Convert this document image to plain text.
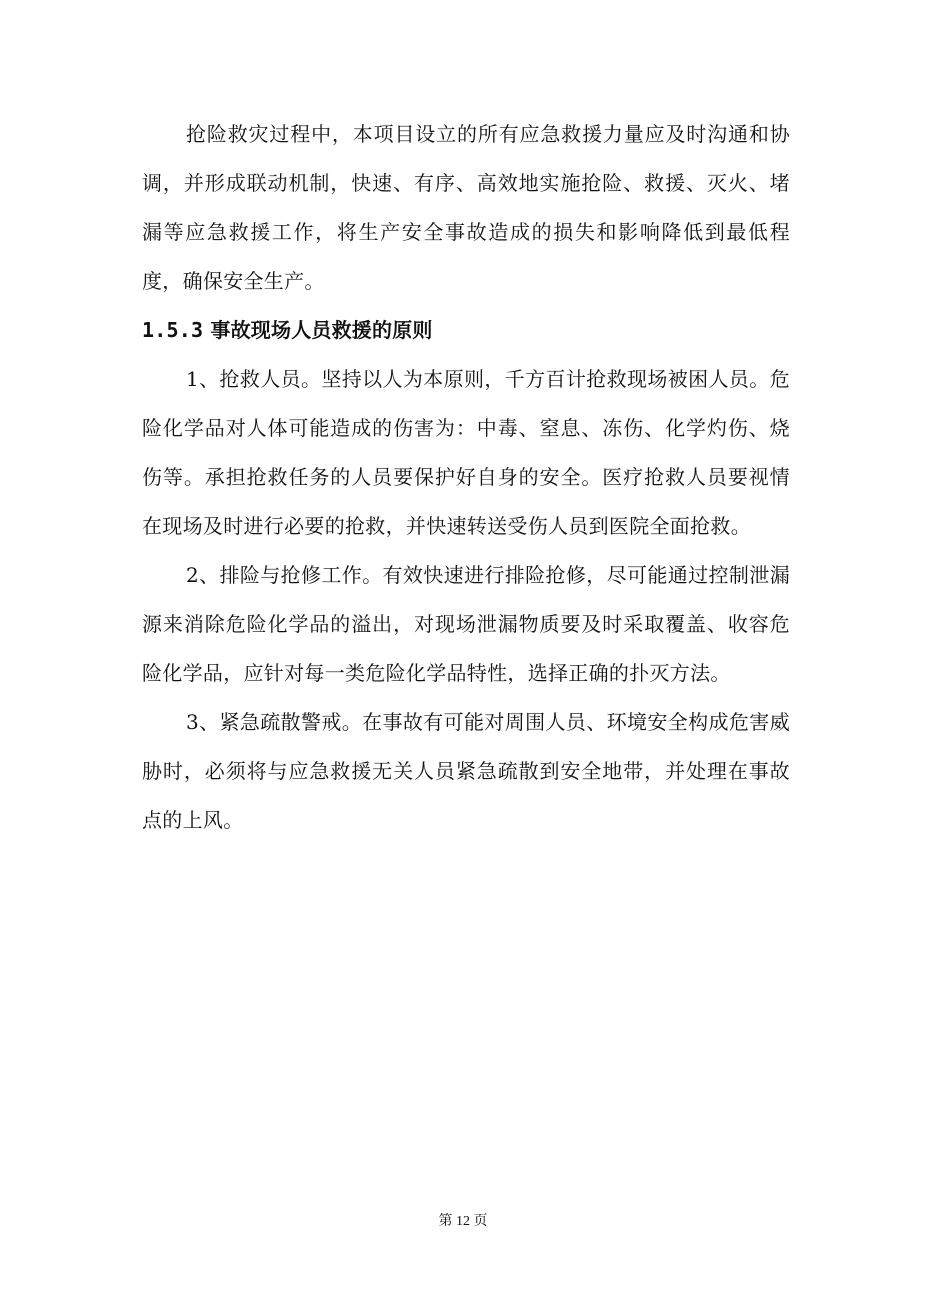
抢险救灾过程中，本项目设立的所有应急救援力量应及时沟通和协调，并形成联动机制，快速、有序、高效地实施抢险、救援、灭火、堵漏等应急救援工作，将生产安全事故造成的损失和影响降低到最低程度，确保安全生产。

1.5.3 事故现场人员救援的原则

1、抢救人员。坚持以人为本原则，千方百计抢救现场被困人员。危险化学品对人体可能造成的伤害为：中毒、窒息、冻伤、化学灼伤、烧伤等。承担抢救任务的人员要保护好自身的安全。医疗抢救人员要视情在现场及时进行必要的抢救，并快速转送受伤人员到医院全面抢救。

2、排险与抢修工作。有效快速进行排险抢修，尽可能通过控制泄漏源来消除危险化学品的溢出，对现场泄漏物质要及时采取覆盖、收容危险化学品，应针对每一类危险化学品特性，选择正确的扑灭方法。

3、紧急疏散警戒。在事故有可能对周围人员、环境安全构成危害威胁时，必须将与应急救援无关人员紧急疏散到安全地带，并处理在事故点的上风。

第 12 页
